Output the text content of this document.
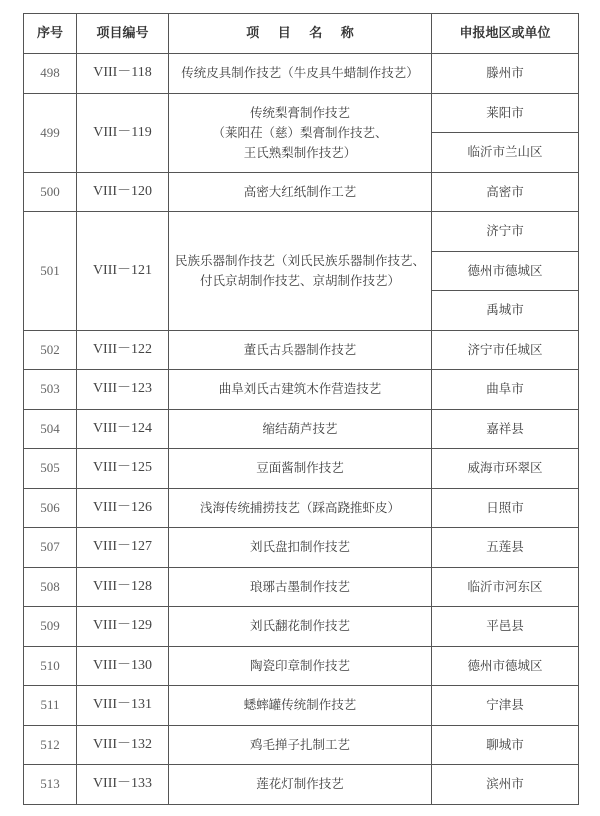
序号	项目编号	项 目 名 称	申报地区或单位
498	VIII－118	传统皮具制作技艺（牛皮具牛蜡制作技艺）	滕州市
499	VIII－119	传统梨膏制作技艺
（莱阳茌（慈）梨膏制作技艺、
王氏熟梨制作技艺）	莱阳市
			临沂市兰山区
500	VIII－120	高密大红纸制作工艺	高密市
501	VIII－121	民族乐器制作技艺（刘氏民族乐器制作技艺、
付氏京胡制作技艺、京胡制作技艺）	济宁市
			德州市德城区
			禹城市
502	VIII－122	董氏古兵器制作技艺	济宁市任城区
503	VIII－123	曲阜刘氏古建筑木作营造技艺	曲阜市
504	VIII－124	缩结葫芦技艺	嘉祥县
505	VIII－125	豆面酱制作技艺	威海市环翠区
506	VIII－126	浅海传统捕捞技艺（踩高跷推虾皮）	日照市
507	VIII－127	刘氏盘扣制作技艺	五莲县
508	VIII－128	琅琊古墨制作技艺	临沂市河东区
509	VIII－129	刘氏翻花制作技艺	平邑县
510	VIII－130	陶瓷印章制作技艺	德州市德城区
511	VIII－131	蟋蟀罐传统制作技艺	宁津县
512	VIII－132	鸡毛掸子扎制工艺	聊城市
513	VIII－133	莲花灯制作技艺	滨州市
